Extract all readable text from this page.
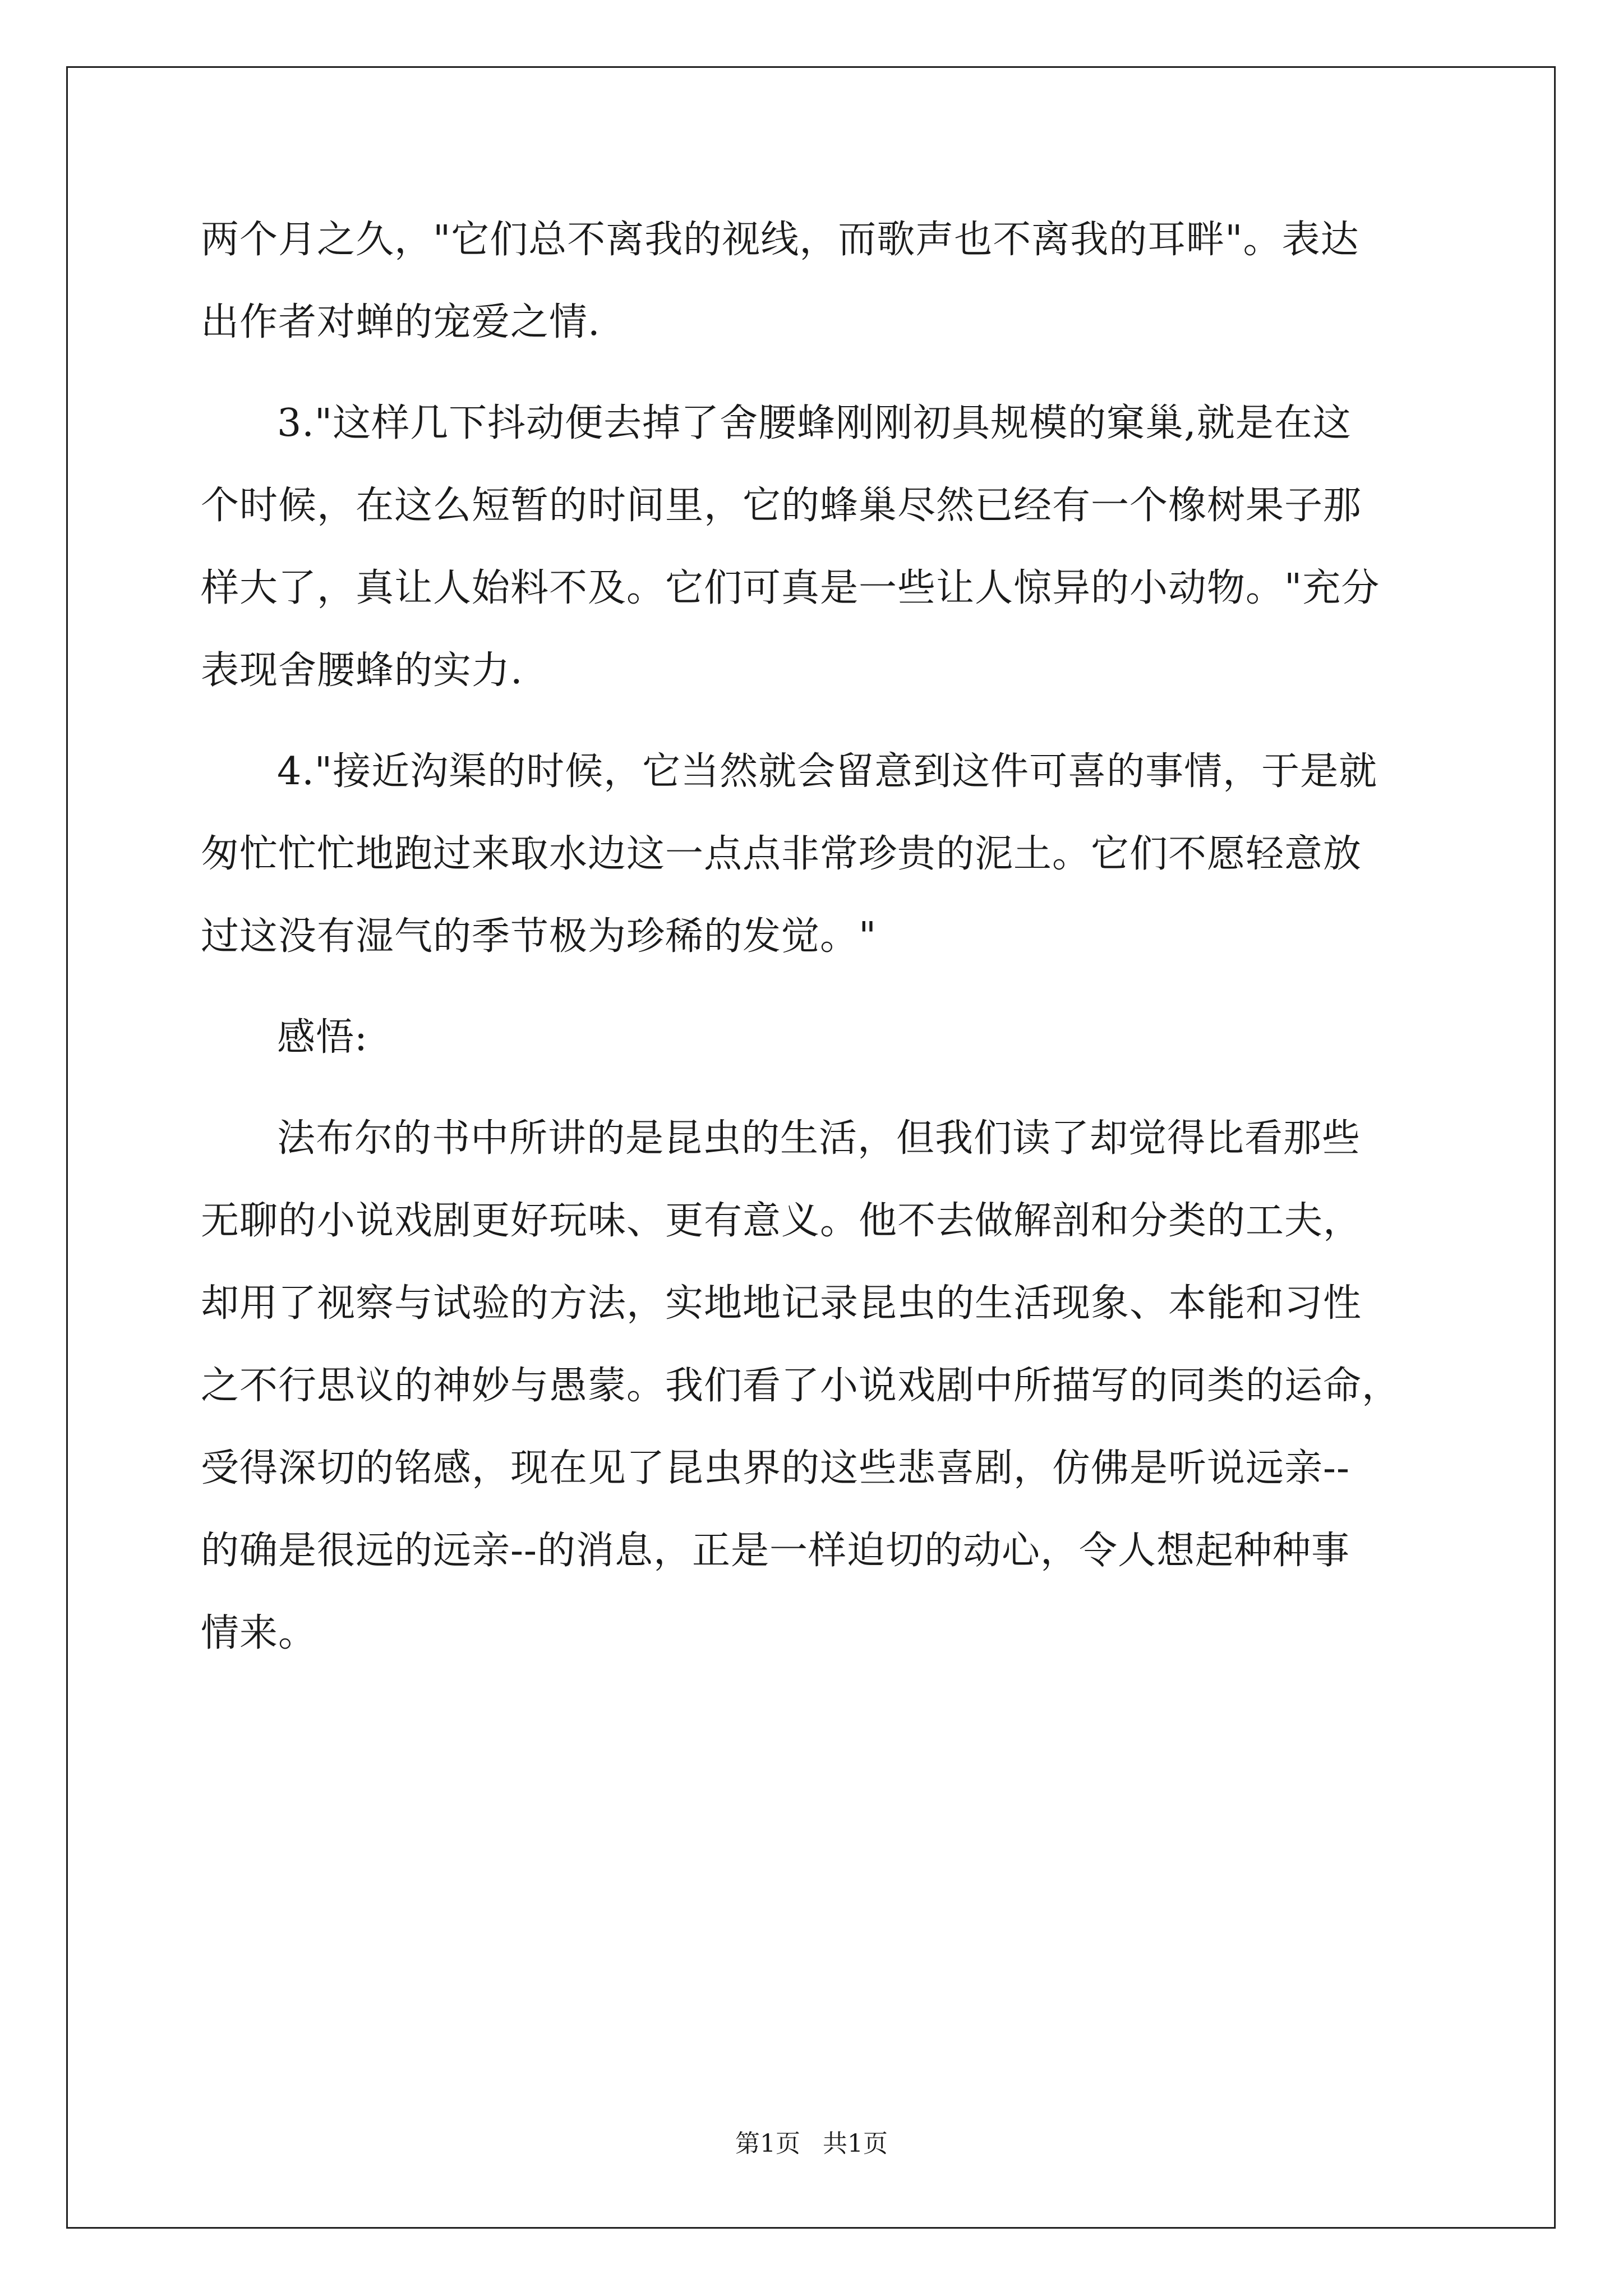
两个月之久，"它们总不离我的视线，而歌声也不离我的耳畔"。表达
出作者对蝉的宠爱之情.
3."这样几下抖动便去掉了舍腰蜂刚刚初具规模的窠巢,就是在这
个时候，在这么短暂的时间里，它的蜂巢尽然已经有一个橡树果子那
样大了，真让人始料不及。它们可真是一些让人惊异的小动物。"充分
表现舍腰蜂的实力.
4."接近沟渠的时候，它当然就会留意到这件可喜的事情，于是就
匆忙忙忙地跑过来取水边这一点点非常珍贵的泥土。它们不愿轻意放
过这没有湿气的季节极为珍稀的发觉。"
感悟:
法布尔的书中所讲的是昆虫的生活，但我们读了却觉得比看那些
无聊的小说戏剧更好玩味、更有意义。他不去做解剖和分类的工夫，
却用了视察与试验的方法，实地地记录昆虫的生活现象、本能和习性
之不行思议的神妙与愚蒙。我们看了小说戏剧中所描写的同类的运命，
受得深切的铭感，现在见了昆虫界的这些悲喜剧，仿佛是听说远亲--
的确是很远的远亲--的消息，正是一样迫切的动心，令人想起种种事
情来。
第1页 共1页
